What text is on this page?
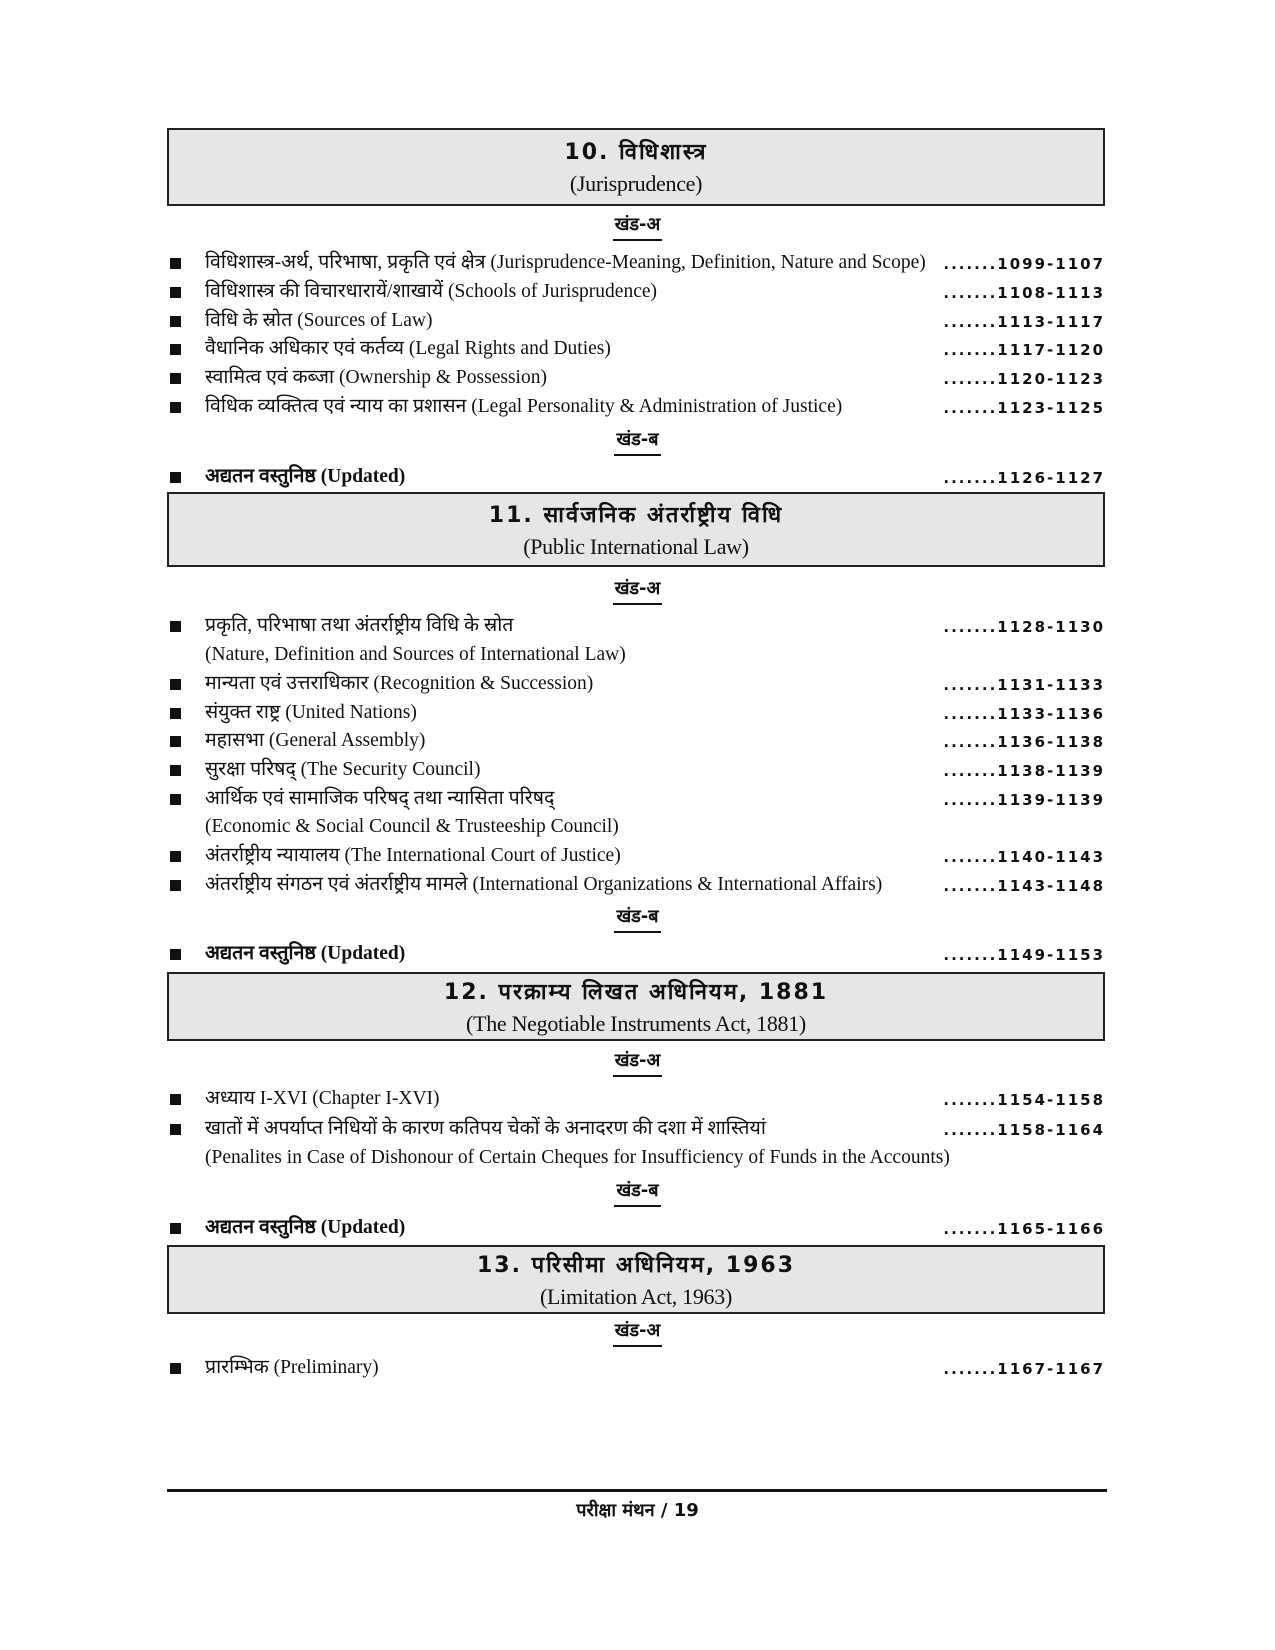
10. विधिशास्त्र
(Jurisprudence)
खंड-अ
विधिशास्त्र-अर्थ, परिभाषा, प्रकृति एवं क्षेत्र (Jurisprudence-Meaning, Definition, Nature and Scope) .......1099-1107
विधिशास्त्र की विचारधारायें/शाखायें (Schools of Jurisprudence)	.......1108-1113
विधि के स्रोत (Sources of Law)	.......1113-1117
वैधानिक अधिकार एवं कर्तव्य (Legal Rights and Duties)	.......1117-1120
स्वामित्व एवं कब्जा (Ownership & Possession)	.......1120-1123
विधिक व्यक्तित्व एवं न्याय का प्रशासन (Legal Personality & Administration of Justice)	.......1123-1125
खंड-ब
अद्यतन वस्तुनिष्ठ (Updated)	.......1126-1127
11. सार्वजनिक अंतर्राष्ट्रीय विधि
(Public International Law)
खंड-अ
प्रकृति, परिभाषा तथा अंतर्राष्ट्रीय विधि के स्रोत	.......1128-1130
(Nature, Definition and Sources of International Law)
मान्यता एवं उत्तराधिकार (Recognition & Succession)	.......1131-1133
संयुक्त राष्ट्र (United Nations)	.......1133-1136
महासभा (General Assembly)	.......1136-1138
सुरक्षा परिषद् (The Security Council)	.......1138-1139
आर्थिक एवं सामाजिक परिषद् तथा न्यासिता परिषद्	.......1139-1139
(Economic & Social Council & Trusteeship Council)
अंतर्राष्ट्रीय न्यायालय (The International Court of Justice)	.......1140-1143
अंतर्राष्ट्रीय संगठन एवं अंतर्राष्ट्रीय मामले (International Organizations & International Affairs)	.......1143-1148
खंड-ब
अद्यतन वस्तुनिष्ठ (Updated)	.......1149-1153
12. परक्राम्य लिखत अधिनियम, 1881
(The Negotiable Instruments Act, 1881)
खंड-अ
अध्याय I-XVI (Chapter I-XVI)	.......1154-1158
खातों में अपर्याप्त निधियों के कारण कतिपय चेकों के अनादरण की दशा में शास्तियां	.......1158-1164
(Penalites in Case of Dishonour of Certain Cheques for Insufficiency of Funds in the Accounts)
खंड-ब
अद्यतन वस्तुनिष्ठ (Updated)	.......1165-1166
13. परिसीमा अधिनियम, 1963
(Limitation Act, 1963)
खंड-अ
प्रारम्भिक (Preliminary)	.......1167-1167
परीक्षा मंथन / 19
